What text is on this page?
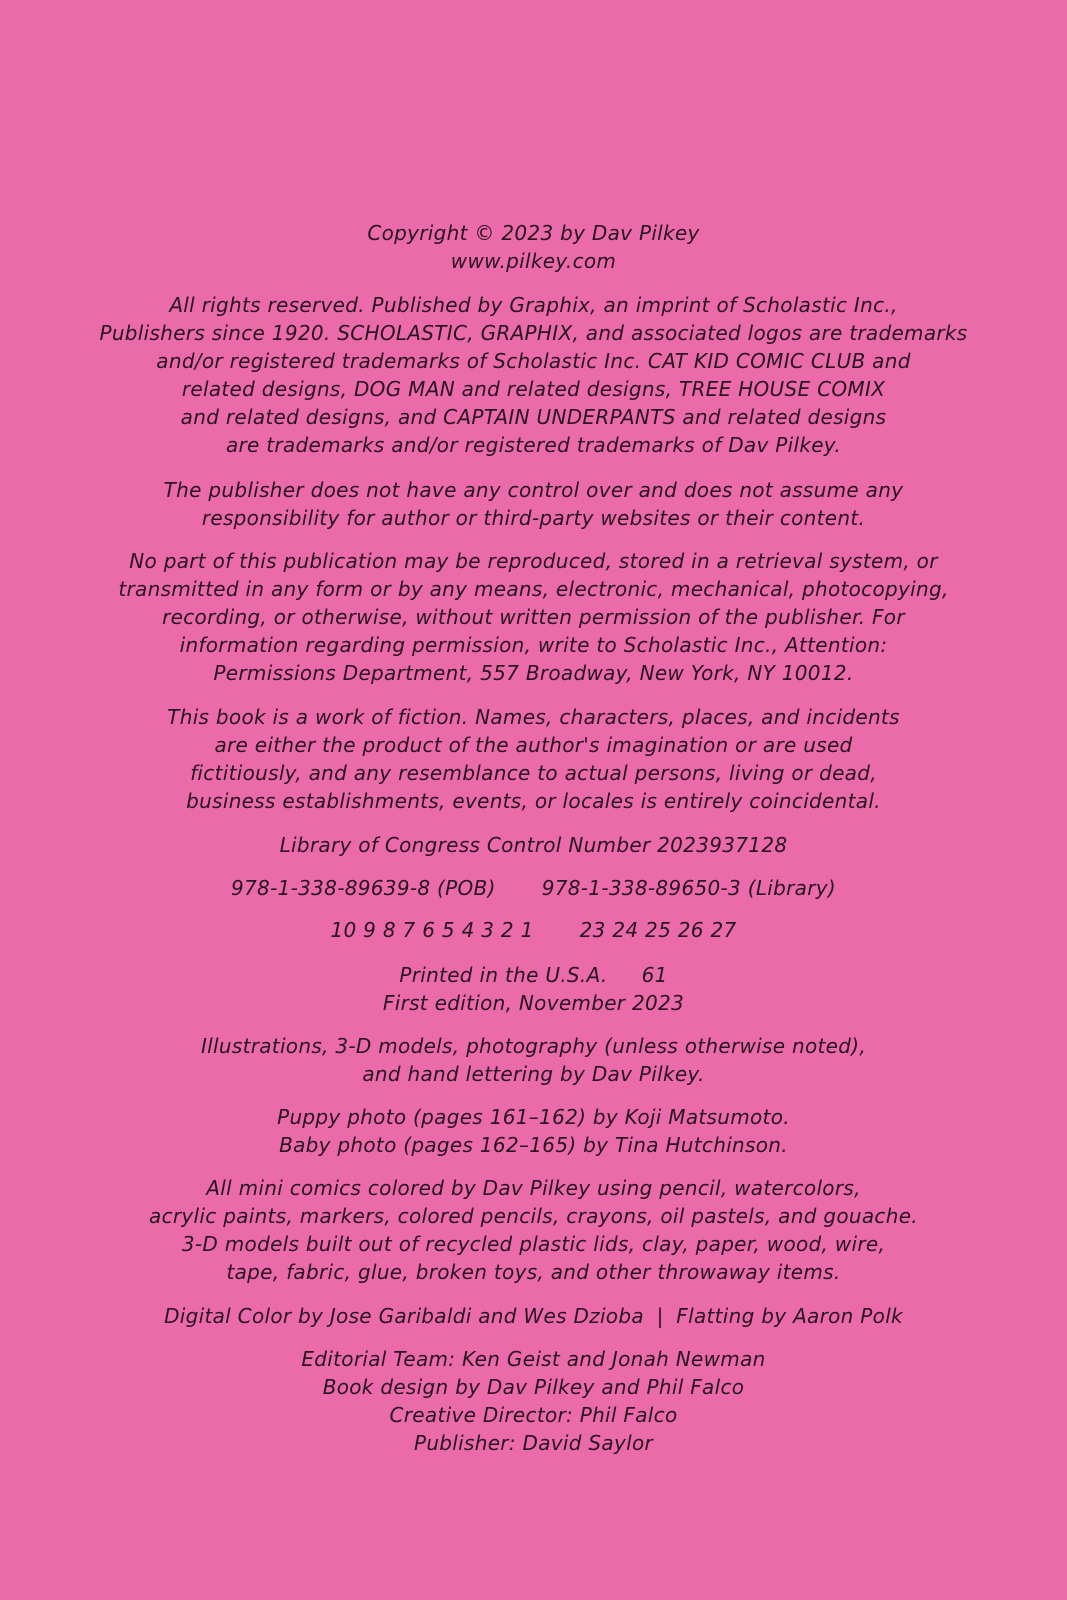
Copyright © 2023 by Dav Pilkey
www.pilkey.com
All rights reserved. Published by Graphix, an imprint of Scholastic Inc.,
Publishers since 1920. SCHOLASTIC, GRAPHIX, and associated logos are trademarks
and/or registered trademarks of Scholastic Inc. CAT KID COMIC CLUB and
related designs, DOG MAN and related designs, TREE HOUSE COMIX
and related designs, and CAPTAIN UNDERPANTS and related designs
are trademarks and/or registered trademarks of Dav Pilkey.
The publisher does not have any control over and does not assume any
responsibility for author or third-party websites or their content.
No part of this publication may be reproduced, stored in a retrieval system, or
transmitted in any form or by any means, electronic, mechanical, photocopying,
recording, or otherwise, without written permission of the publisher. For
information regarding permission, write to Scholastic Inc., Attention:
Permissions Department, 557 Broadway, New York, NY 10012.
This book is a work of fiction. Names, characters, places, and incidents
are either the product of the author's imagination or are used
fictitiously, and any resemblance to actual persons, living or dead,
business establishments, events, or locales is entirely coincidental.
Library of Congress Control Number 2023937128
978-1-338-89639-8 (POB) 978-1-338-89650-3 (Library)
10 9 8 7 6 5 4 3 2 1 23 24 25 26 27
Printed in the U.S.A. 61
First edition, November 2023
Illustrations, 3-D models, photography (unless otherwise noted),
and hand lettering by Dav Pilkey.
Puppy photo (pages 161–162) by Koji Matsumoto.
Baby photo (pages 162–165) by Tina Hutchinson.
All mini comics colored by Dav Pilkey using pencil, watercolors,
acrylic paints, markers, colored pencils, crayons, oil pastels, and gouache.
3-D models built out of recycled plastic lids, clay, paper, wood, wire,
tape, fabric, glue, broken toys, and other throwaway items.
Digital Color by Jose Garibaldi and Wes Dzioba | Flatting by Aaron Polk
Editorial Team: Ken Geist and Jonah Newman
Book design by Dav Pilkey and Phil Falco
Creative Director: Phil Falco
Publisher: David Saylor
